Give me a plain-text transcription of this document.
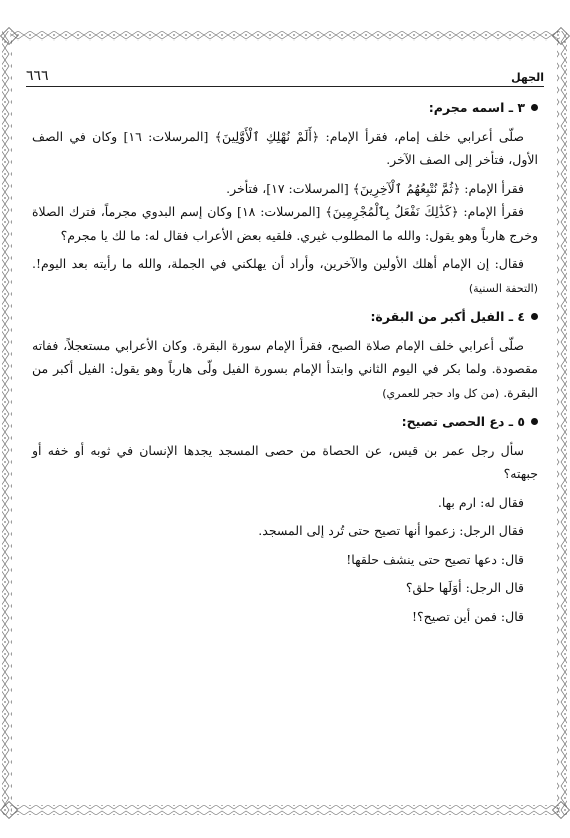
٦٦٦	الجهل
٣ ـ اسمه مجرم:

صلّى أعرابي خلف إمام، فقرأ الإمام: ﴿أَلَمْ نُهْلِكِ ٱلْأَوَّلِينَ﴾ [المرسلات: ١٦] وكان في الصف الأول، فتأخر إلى الصف الآخر.

فقرأ الإمام: ﴿ثُمَّ نُتْبِعُهُمُ ٱلْآخِرِينَ﴾ [المرسلات: ١٧]، فتأخر.

فقرأ الإمام: ﴿كَذَٰلِكَ نَفْعَلُ بِٱلْمُجْرِمِينَ﴾ [المرسلات: ١٨] وكان إسم البدوي مجرماً، فترك الصلاة وخرج هارباً وهو يقول: والله ما المطلوب غيري. فلقيه بعض الأعراب فقال له: ما لك يا مجرم؟

فقال: إن الإمام أهلك الأولين والآخرين، وأراد أن يهلكني في الجملة، والله ما رأيته بعد اليوم!. (التحفة السنية)

٤ ـ الفيل أكبر من البقرة:

صلّى أعرابي خلف الإمام صلاة الصبح، فقرأ الإمام سورة البقرة. وكان الأعرابي مستعجلاً، ففاته مقصودة. ولما بكر في اليوم الثاني وابتدأ الإمام بسورة الفيل ولّى هارباً وهو يقول: الفيل أكبر من البقرة. (من كل واد حجر للعمري)

٥ ـ دع الحصى تصيح:

سأل رجل عمر بن قيس، عن الحصاة من حصى المسجد يجدها الإنسان في ثوبه أو خفه أو جبهته؟

فقال له: ارم بها.

فقال الرجل: زعموا أنها تصيح حتى تُرد إلى المسجد.

قال: دعها تصيح حتى ينشف حلقها!

قال الرجل: أوَلَها حلق؟

قال: فمن أين تصيح؟!
